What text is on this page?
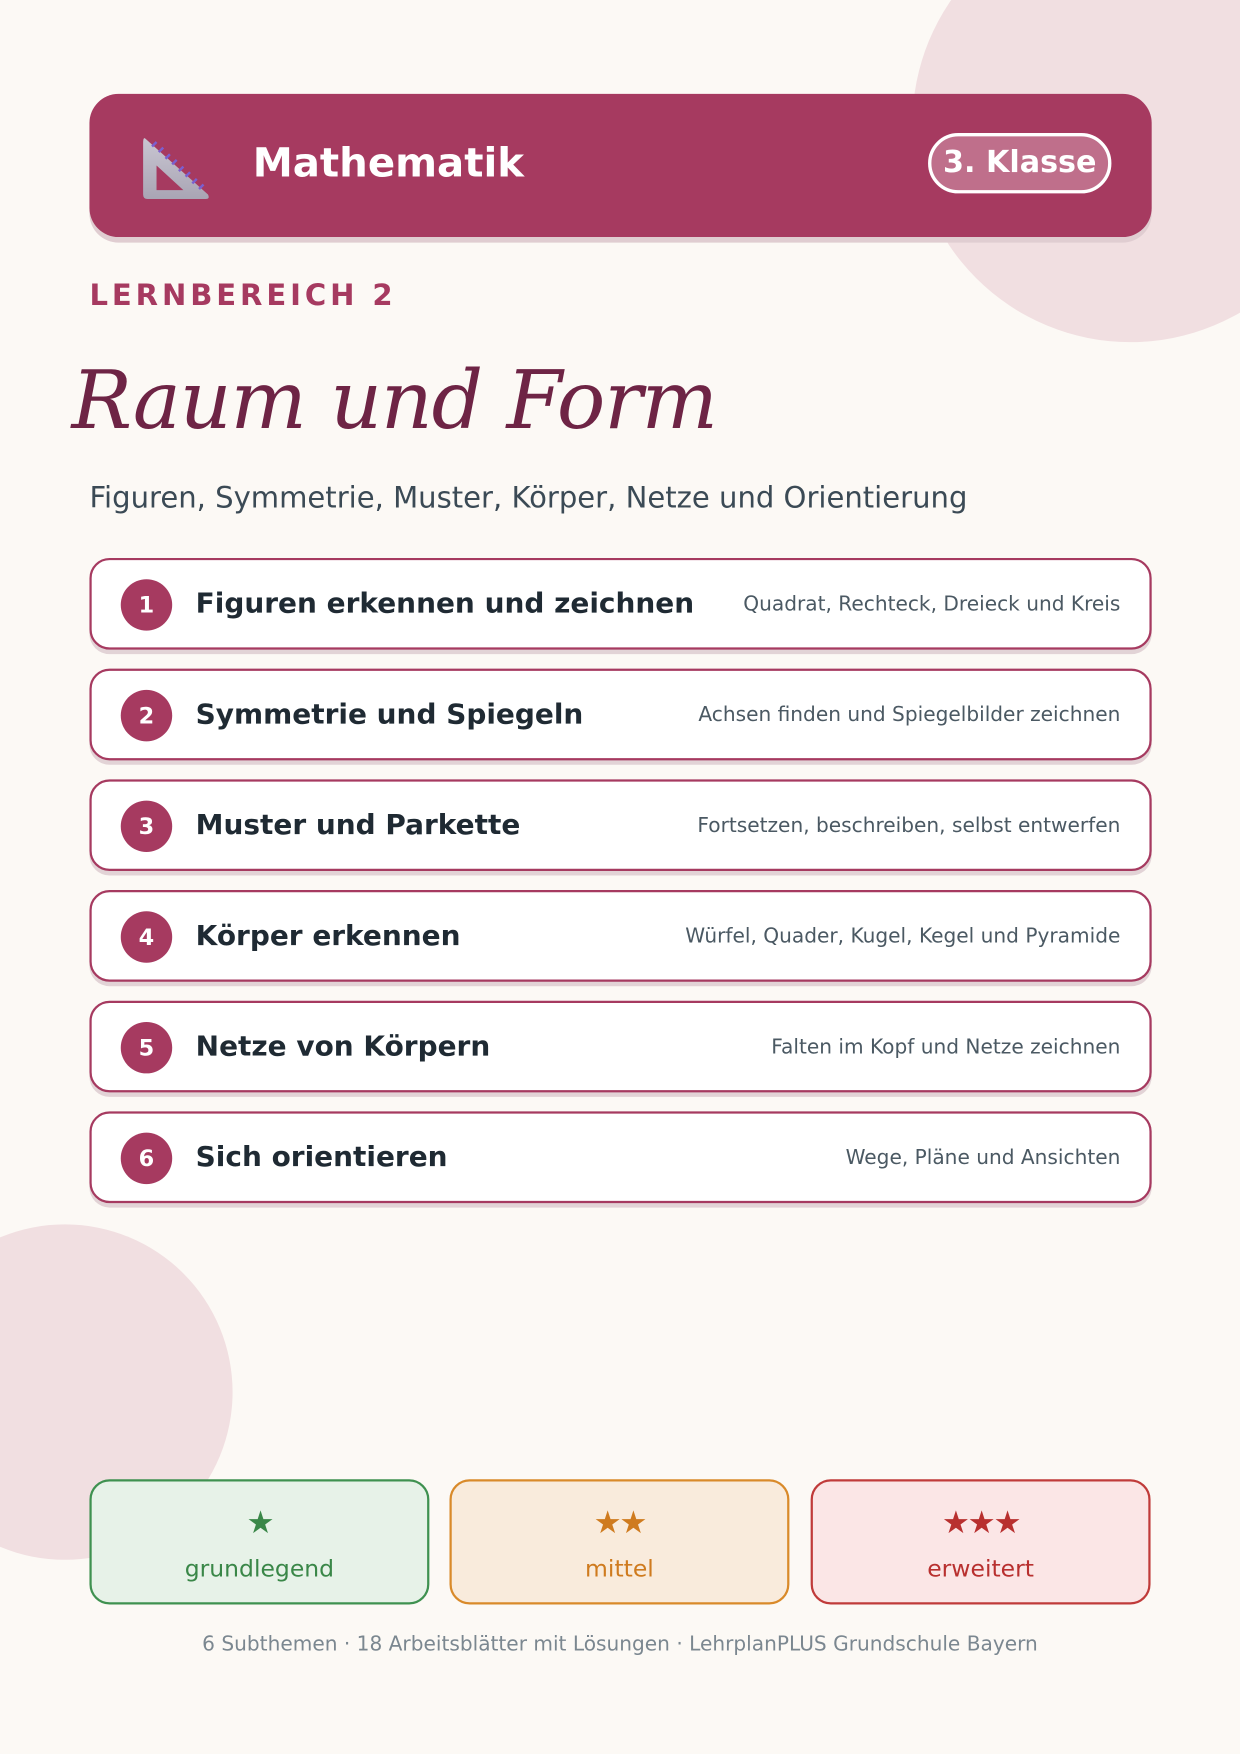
Mathematik	3. Klasse
LERNBEREICH 2
Raum und Form
Figuren, Symmetrie, Muster, Körper, Netze und Orientierung
1	Figuren erkennen und zeichnen	Quadrat, Rechteck, Dreieck und Kreis
2	Symmetrie und Spiegeln	Achsen finden und Spiegelbilder zeichnen
3	Muster und Parkette	Fortsetzen, beschreiben, selbst entwerfen
4	Körper erkennen	Würfel, Quader, Kugel, Kegel und Pyramide
5	Netze von Körpern	Falten im Kopf und Netze zeichnen
6	Sich orientieren	Wege, Pläne und Ansichten
★
grundlegend
★★
mittel
★★★
erweitert
6 Subthemen · 18 Arbeitsblätter mit Lösungen · LehrplanPLUS Grundschule Bayern
